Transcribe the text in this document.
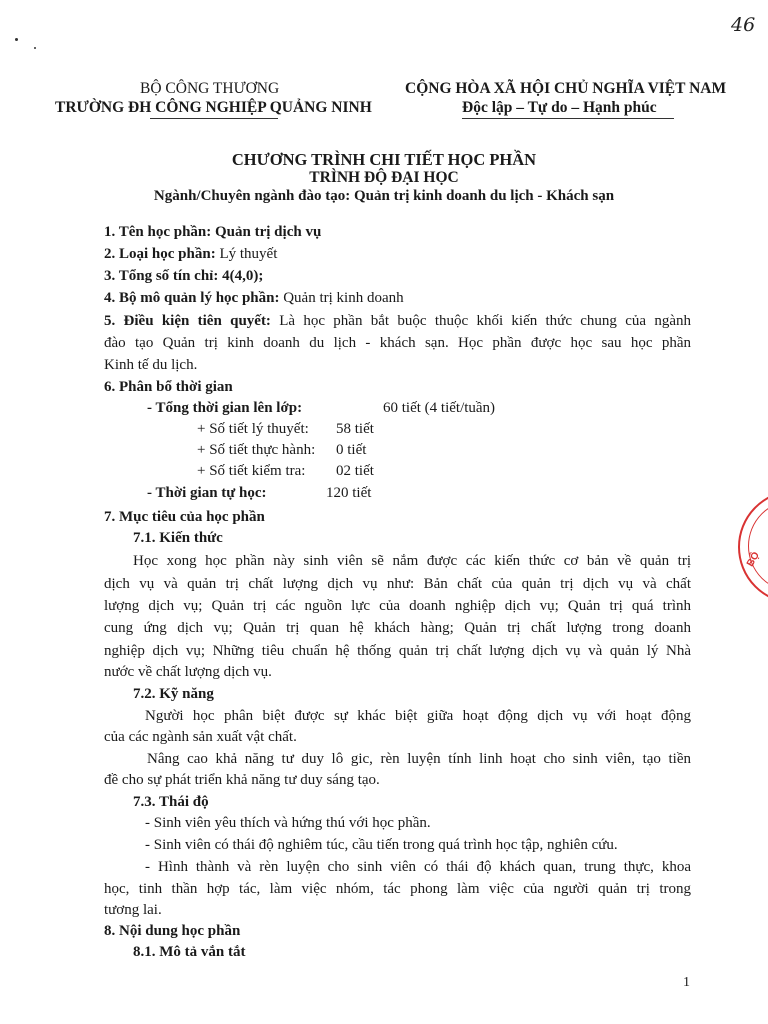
46
BỘ CÔNG THƯƠNG
TRƯỜNG ĐH CÔNG NGHIỆP QUẢNG NINH
CỘNG HÒA XÃ HỘI CHỦ NGHĨA VIỆT NAM
Độc lập – Tự do – Hạnh phúc
CHƯƠNG TRÌNH CHI TIẾT HỌC PHẦN
TRÌNH ĐỘ ĐẠI HỌC
Ngành/Chuyên ngành đào tạo: Quản trị kinh doanh du lịch - Khách sạn
1. Tên học phần: Quản trị dịch vụ
2. Loại học phần: Lý thuyết
3. Tổng số tín chỉ: 4(4,0);
4. Bộ mô quản lý học phần: Quản trị kinh doanh
5. Điều kiện tiên quyết: Là học phần bắt buộc thuộc khối kiến thức chung của ngành
đào tạo Quản trị kinh doanh du lịch - khách sạn. Học phần được học sau học phần
Kinh tế du lịch.
6. Phân bổ thời gian
- Tổng thời gian lên lớp:	60 tiết (4 tiết/tuần)
+ Số tiết lý thuyết: 58 tiết
+ Số tiết thực hành: 0 tiết
+ Số tiết kiểm tra: 02 tiết
- Thời gian tự học:	120 tiết
7. Mục tiêu của học phần
7.1. Kiến thức
Học xong học phần này sinh viên sẽ nắm được các kiến thức cơ bản về quản trị
dịch vụ và quản trị chất lượng dịch vụ như: Bản chất của quản trị dịch vụ và chất
lượng dịch vụ; Quản trị các nguồn lực của doanh nghiệp dịch vụ; Quản trị quá trình
cung ứng dịch vụ; Quản trị quan hệ khách hàng; Quản trị chất lượng trong doanh
nghiệp dịch vụ; Những tiêu chuẩn hệ thống quản trị chất lượng dịch vụ và quản lý Nhà
nước về chất lượng dịch vụ.
7.2. Kỹ năng
Người học phân biệt được sự khác biệt giữa hoạt động dịch vụ với hoạt động
của các ngành sản xuất vật chất.
Nâng cao khả năng tư duy lô gic, rèn luyện tính linh hoạt cho sinh viên, tạo tiền
đề cho sự phát triển khả năng tư duy sáng tạo.
7.3. Thái độ
- Sinh viên yêu thích và hứng thú với học phần.
- Sinh viên có thái độ nghiêm túc, cầu tiến trong quá trình học tập, nghiên cứu.
- Hình thành và rèn luyện cho sinh viên có thái độ khách quan, trung thực, khoa
học, tinh thần hợp tác, làm việc nhóm, tác phong làm việc của người quản trị trong
tương lai.
8. Nội dung học phần
8.1. Mô tả vắn tắt
1
BỘ
